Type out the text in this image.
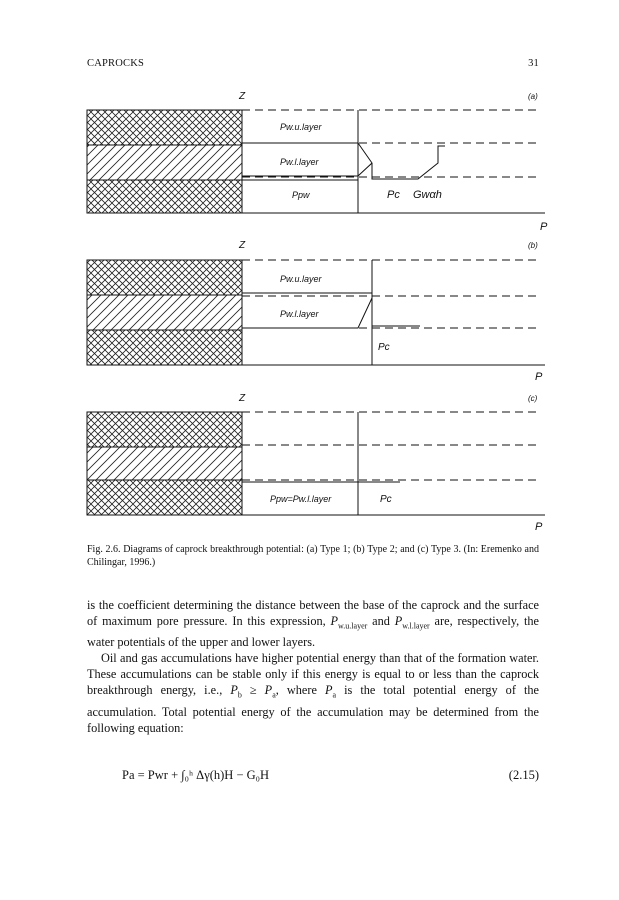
CAPROCKS	31
Z	(a)
Pw.u.layer
Pw.l.layer
Ppw	Pc Gwαh
P
Z	(b)
Pw.u.layer
Pw.l.layer
Pc
P
Z	(c)
Ppw=Pw.l.layer	Pc
P
Fig. 2.6. Diagrams of caprock breakthrough potential: (a) Type 1; (b) Type 2; and (c) Type 3. (In: Eremenko and Chilingar, 1996.)

is the coefficient determining the distance between the base of the caprock and the surface of maximum pore pressure. In this expression, $P_{w.u.layer}$ and $P_{w.l.layer}$ are, respectively, the water potentials of the upper and lower layers.

Oil and gas accumulations have higher potential energy than that of the formation water. These accumulations can be stable only if this energy is equal to or less than the caprock breakthrough energy, i.e., $P_b \ge P_a$, where $P_a$ is the total potential energy of the accumulation. Total potential energy of the accumulation may be determined from the following equation:

Pa = Pwr + ∫₀ʰ Δγ(h)H − G₀H	(2.15)
